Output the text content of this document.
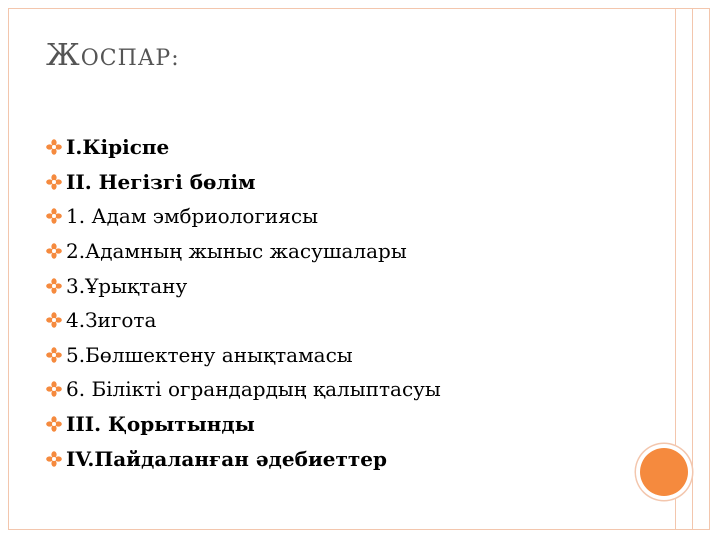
ЖОСПАР:
I.Кіріспе
II. Негізгі бөлім
1. Адам эмбриологиясы
2.Адамның жыныс жасушалары
3.Ұрықтану
4.Зигота
5.Бөлшектену анықтамасы
6. Білікті ограндардың қалыптасуы
III. Қорытынды
IV.Пайдаланған әдебиеттер
